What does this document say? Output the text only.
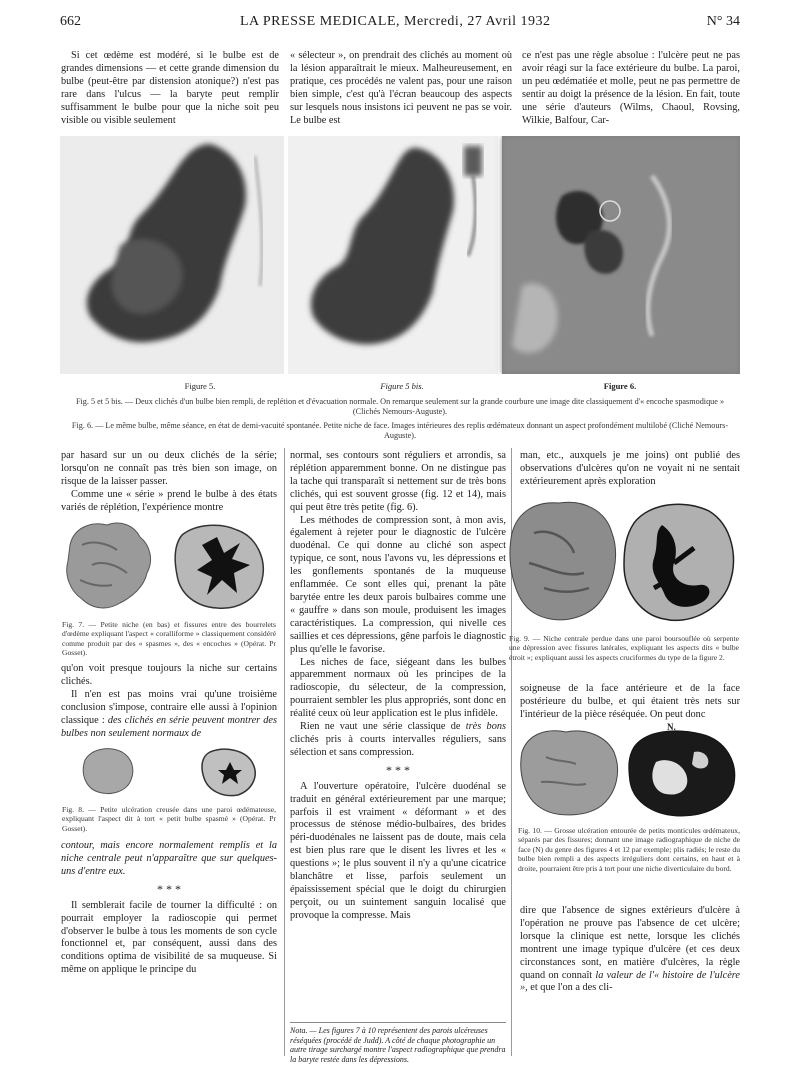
662	LA PRESSE MEDICALE, Mercredi, 27 Avril 1932	N° 34

Si cet œdème est modéré, si le bulbe est de grandes dimensions — et cette grande dimension du bulbe (peut-être par distension atonique?) n'est pas rare dans l'ulcus — la baryte peut remplir suffisamment le bulbe pour que la niche soit peu visible ou visible seulement

« sélecteur », on prendrait des clichés au moment où la lésion apparaîtrait le mieux. Malheureusement, en pratique, ces procédés ne valent pas, pour une raison bien simple, c'est qu'à l'écran beaucoup des aspects sur lesquels nous insistons ici peuvent ne pas se voir. Le bulbe est

ce n'est pas une règle absolue : l'ulcère peut ne pas avoir réagi sur la face extérieure du bulbe. La paroi, un peu œdématiée et molle, peut ne pas permettre de sentir au doigt la présence de la lésion. En fait, toute une série d'auteurs (Wilms, Chaoul, Rovsing, Wilkie, Balfour, Car-

Figure 5.	Figure 5 bis.	Figure 6.
Fig. 5 et 5 bis. — Deux clichés d'un bulbe bien rempli, de replétion et d'évacuation normale. On remarque seulement sur la grande courbure une image dite classiquement d'« encoche spasmodique » (Clichés Nemours-Auguste).
Fig. 6. — Le même bulbe, même séance, en état de demi-vacuité spontanée. Petite niche de face. Images intérieures des replis œdémateux donnant un aspect profondément multilobé (Cliché Nemours-Auguste).

par hasard sur un ou deux clichés de la série; lorsqu'on ne connaît pas très bien son image, on risque de la laisser passer.

Comme une « série » prend le bulbe à des états variés de réplétion, l'expérience montre

Fig. 7. — Petite niche (en bas) et fissures entre des bourrelets d'œdème expliquant l'aspect « coralliforme » classiquement considéré comme produit par des « spasmes », des « encoches » (Opérat. Pr Gosset).

qu'on voit presque toujours la niche sur certains clichés.

Il n'en est pas moins vrai qu'une troisième conclusion s'impose, contraire elle aussi à l'opinion classique : des clichés en série peuvent montrer des bulbes non seulement normaux de

Fig. 8. — Petite ulcération creusée dans une paroi œdémateuse, expliquant l'aspect dit à tort « petit bulbe spasmé » (Opérat. Pr Gosset).

contour, mais encore normalement remplis et la niche centrale peut n'apparaître que sur quelques-uns d'entre eux.

* * *

Il semblerait facile de tourner la difficulté : on pourrait employer la radioscopie qui permet d'observer le bulbe à tous les moments de son cycle fonctionnel et, par conséquent, aussi dans des conditions optima de visibilité de sa muqueuse. Si même on applique le principe du

normal, ses contours sont réguliers et arrondis, sa réplétion apparemment bonne. On ne distingue pas la tache qui transparaît si nettement sur de très bons clichés, qui est souvent grosse (fig. 12 et 14), mais qui peut être très petite (fig. 6).

Les méthodes de compression sont, à mon avis, également à rejeter pour le diagnostic de l'ulcère duodénal. Ce qui donne au cliché son aspect typique, ce sont, nous l'avons vu, les dépressions et les gonflements spontanés de la muqueuse enflammée. Ce sont elles qui, prenant la pâte barytée entre les deux parois bulbaires comme une « gauffre » dans son moule, produisent les images caractéristiques. La compression, qui nivelle ces saillies et ces dépressions, gêne parfois le diagnostic plus qu'elle le favorise.

Les niches de face, siégeant dans les bulbes apparemment normaux où les principes de la radioscopie, du sélecteur, de la compression, pourraient sembler les plus appropriés, sont donc en réalité ceux où leur application est le plus infidèle.

Rien ne vaut une série classique de très bons clichés pris à courts intervalles réguliers, sans sélection et sans compression.

* * *

A l'ouverture opératoire, l'ulcère duodénal se traduit en général extérieurement par une marque; parfois il est vraiment « déformant » et des processus de sténose médio-bulbaires, des brides péri-duodénales ne laissent pas de doute, mais cela est bien plus rare que le disent les livres et les « questions »; le plus souvent il n'y a qu'une cicatrice blanchâtre et lisse, parfois seulement un épaississement spécial que le doigt du chirurgien perçoit, ou un suintement sanguin localisé que provoque la compresse. Mais

Nota. — Les figures 7 à 10 représentent des parois ulcéreuses réséquées (procédé de Judd). A côté de chaque photographie un autre tirage surchargé montre l'aspect radiographique que prendra la baryte restée dans les dépressions.

man, etc., auxquels je me joins) ont publié des observations d'ulcères qu'on ne voyait ni ne sentait extérieurement après exploration

Fig. 9. — Niche centrale perdue dans une paroi boursouflée où serpente une dépression avec fissures latérales, expliquant les aspects dits « bulbe étroit »; expliquant aussi les aspects cruciformes du type de la figure 2.

soigneuse de la face antérieure et de la face postérieure du bulbe, et qui étaient très nets sur l'intérieur de la pièce réséquée. On peut donc

N.
Fig. 10. — Grosse ulcération entourée de petits monticules œdémateux, séparés par des fissures; donnant une image radiographique de niche de face (N) du genre des figures 4 et 12 par exemple; plis radiés; le reste du bulbe bien rempli a des aspects irréguliers dont certains, en haut et à droite, pourraient être pris à tort pour une niche diverticulaire du bord.

dire que l'absence de signes extérieurs d'ulcère à l'opération ne prouve pas l'absence de cet ulcère; lorsque la clinique est nette, lorsque les clichés montrent une image typique d'ulcère (et ces deux circonstances sont, en matière d'ulcères, la règle quand on connaît la valeur de l'« histoire de l'ulcère », et que l'on a des cli-
